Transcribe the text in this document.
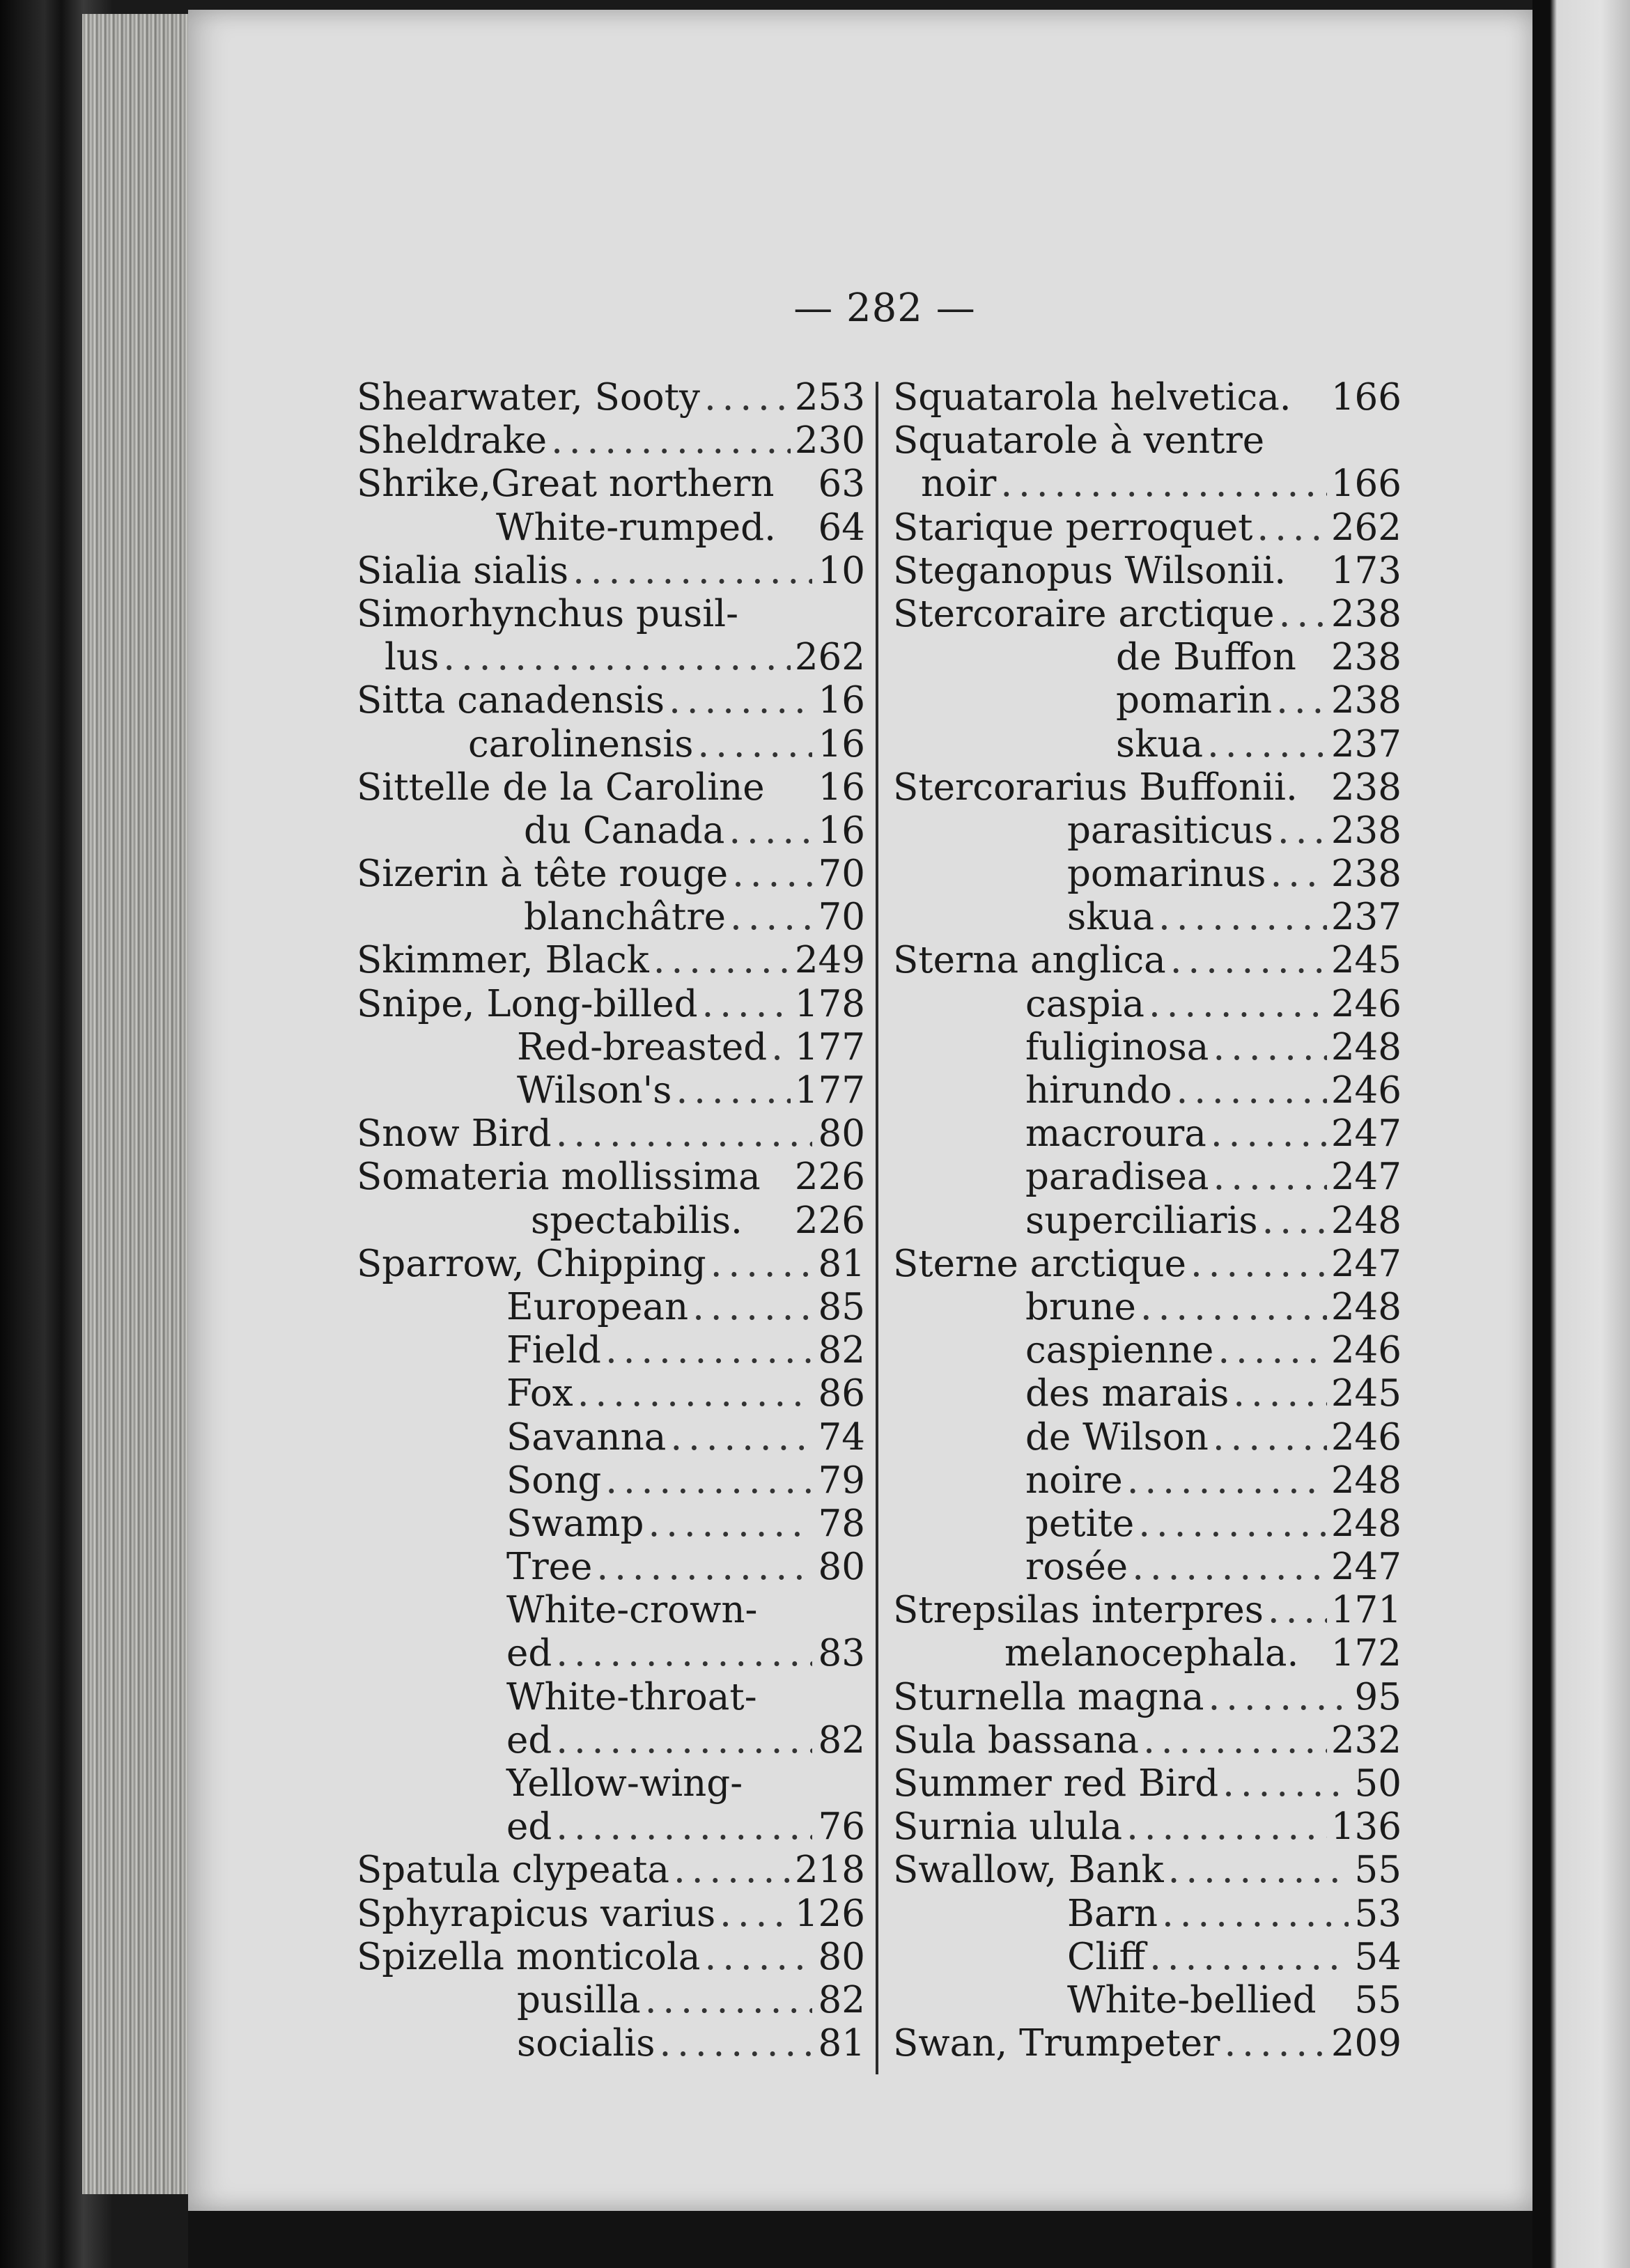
— 282 —
Shearwater, Sooty . . .	253
Sheldrake . . .	230
Shrike,Great northern 63
White-rumped. 64
Sialia sialis . . .	10
Simorhynchus pusil-
lus . . .	262
Sitta canadensis . . .	16
carolinensis . . .	16
Sittelle de la Caroline 16
du Canada . . .	16
Sizerin à tête rouge . . . 70
blanchâtre . . .	70
Skimmer, Black . . .	249
Snipe, Long-billed . . .	178
Red-breasted . . . 177
Wilson's . . .	177
Snow Bird . . .	80
Somateria mollissima 226
spectabilis. 226
Sparrow, Chipping . . .	81
European . . .	85
Field . . .	82
Fox . . .	86
Savanna . . .	74
Song . . .	79
Swamp . . .	78
Tree . . .	80
White-crown-
ed . . .	83
White-throat-
ed . . .	82
Yellow-wing-
ed . . .	76
Spatula clypeata . . .	218
Sphyrapicus varius . . . 126
Spizella monticola . . .	80
pusilla . . .	82
socialis . . .	81
Squatarola helvetica. 166
Squatarole à ventre
noir . . .	166
Starique perroquet . . . 262
Steganopus Wilsonii. 173
Stercoraire arctique . . . 238
de Buffon 238
pomarin . . . 238
skua . . .	237
Stercorarius Buffonii. 238
parasiticus . . . 238
pomarinus . . . 238
skua . . .	237
Sterna anglica . . .	245
caspia . . .	246
fuliginosa . . .	248
hirundo . . .	246
macroura . . .	247
paradisea . . .	247
superciliaris . . . 248
Sterne arctique . . .	247
brune . . .	248
caspienne . . .	246
des marais . . .	245
de Wilson . . .	246
noire . . .	248
petite . . .	248
rosée . . .	247
Strepsilas interpres . . . 171
melanocephala. 172
Sturnella magna . . .	95
Sula bassana . . .	232
Summer red Bird . . .	50
Surnia ulula . . .	136
Swallow, Bank . . .	55
Barn . . .	53
Cliff . . .	54
White-bellied 55
Swan, Trumpeter . . .	209
